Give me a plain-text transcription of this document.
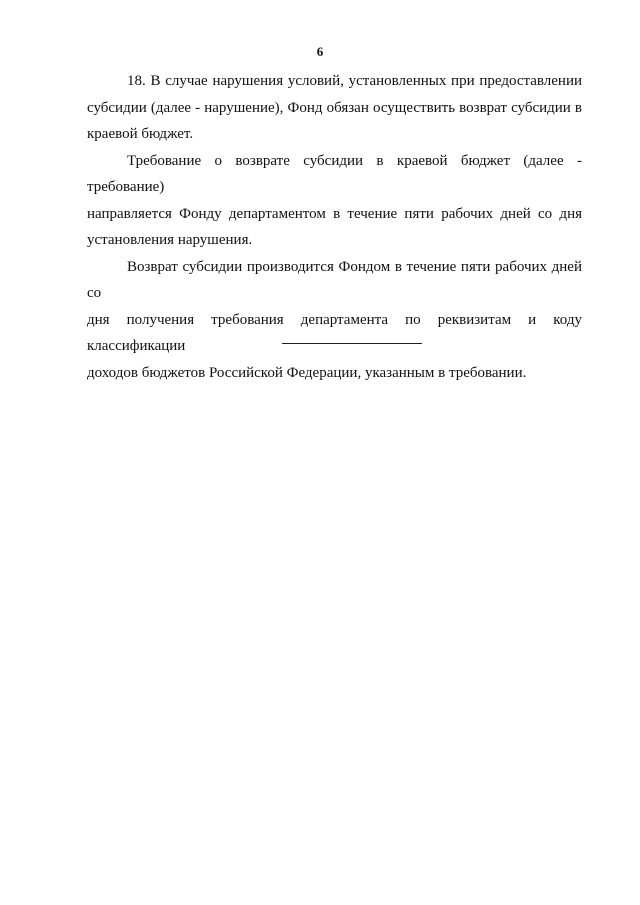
6
18. В случае нарушения условий, установленных при предоставлении
субсидии (далее - нарушение), Фонд обязан осуществить возврат субсидии в
краевой бюджет.
Требование о возврате субсидии в краевой бюджет (далее - требование)
направляется Фонду департаментом в течение пяти рабочих дней со дня
установления нарушения.
Возврат субсидии производится Фондом в течение пяти рабочих дней со
дня получения требования департамента по реквизитам и коду классификации
доходов бюджетов Российской Федерации, указанным в требовании.
